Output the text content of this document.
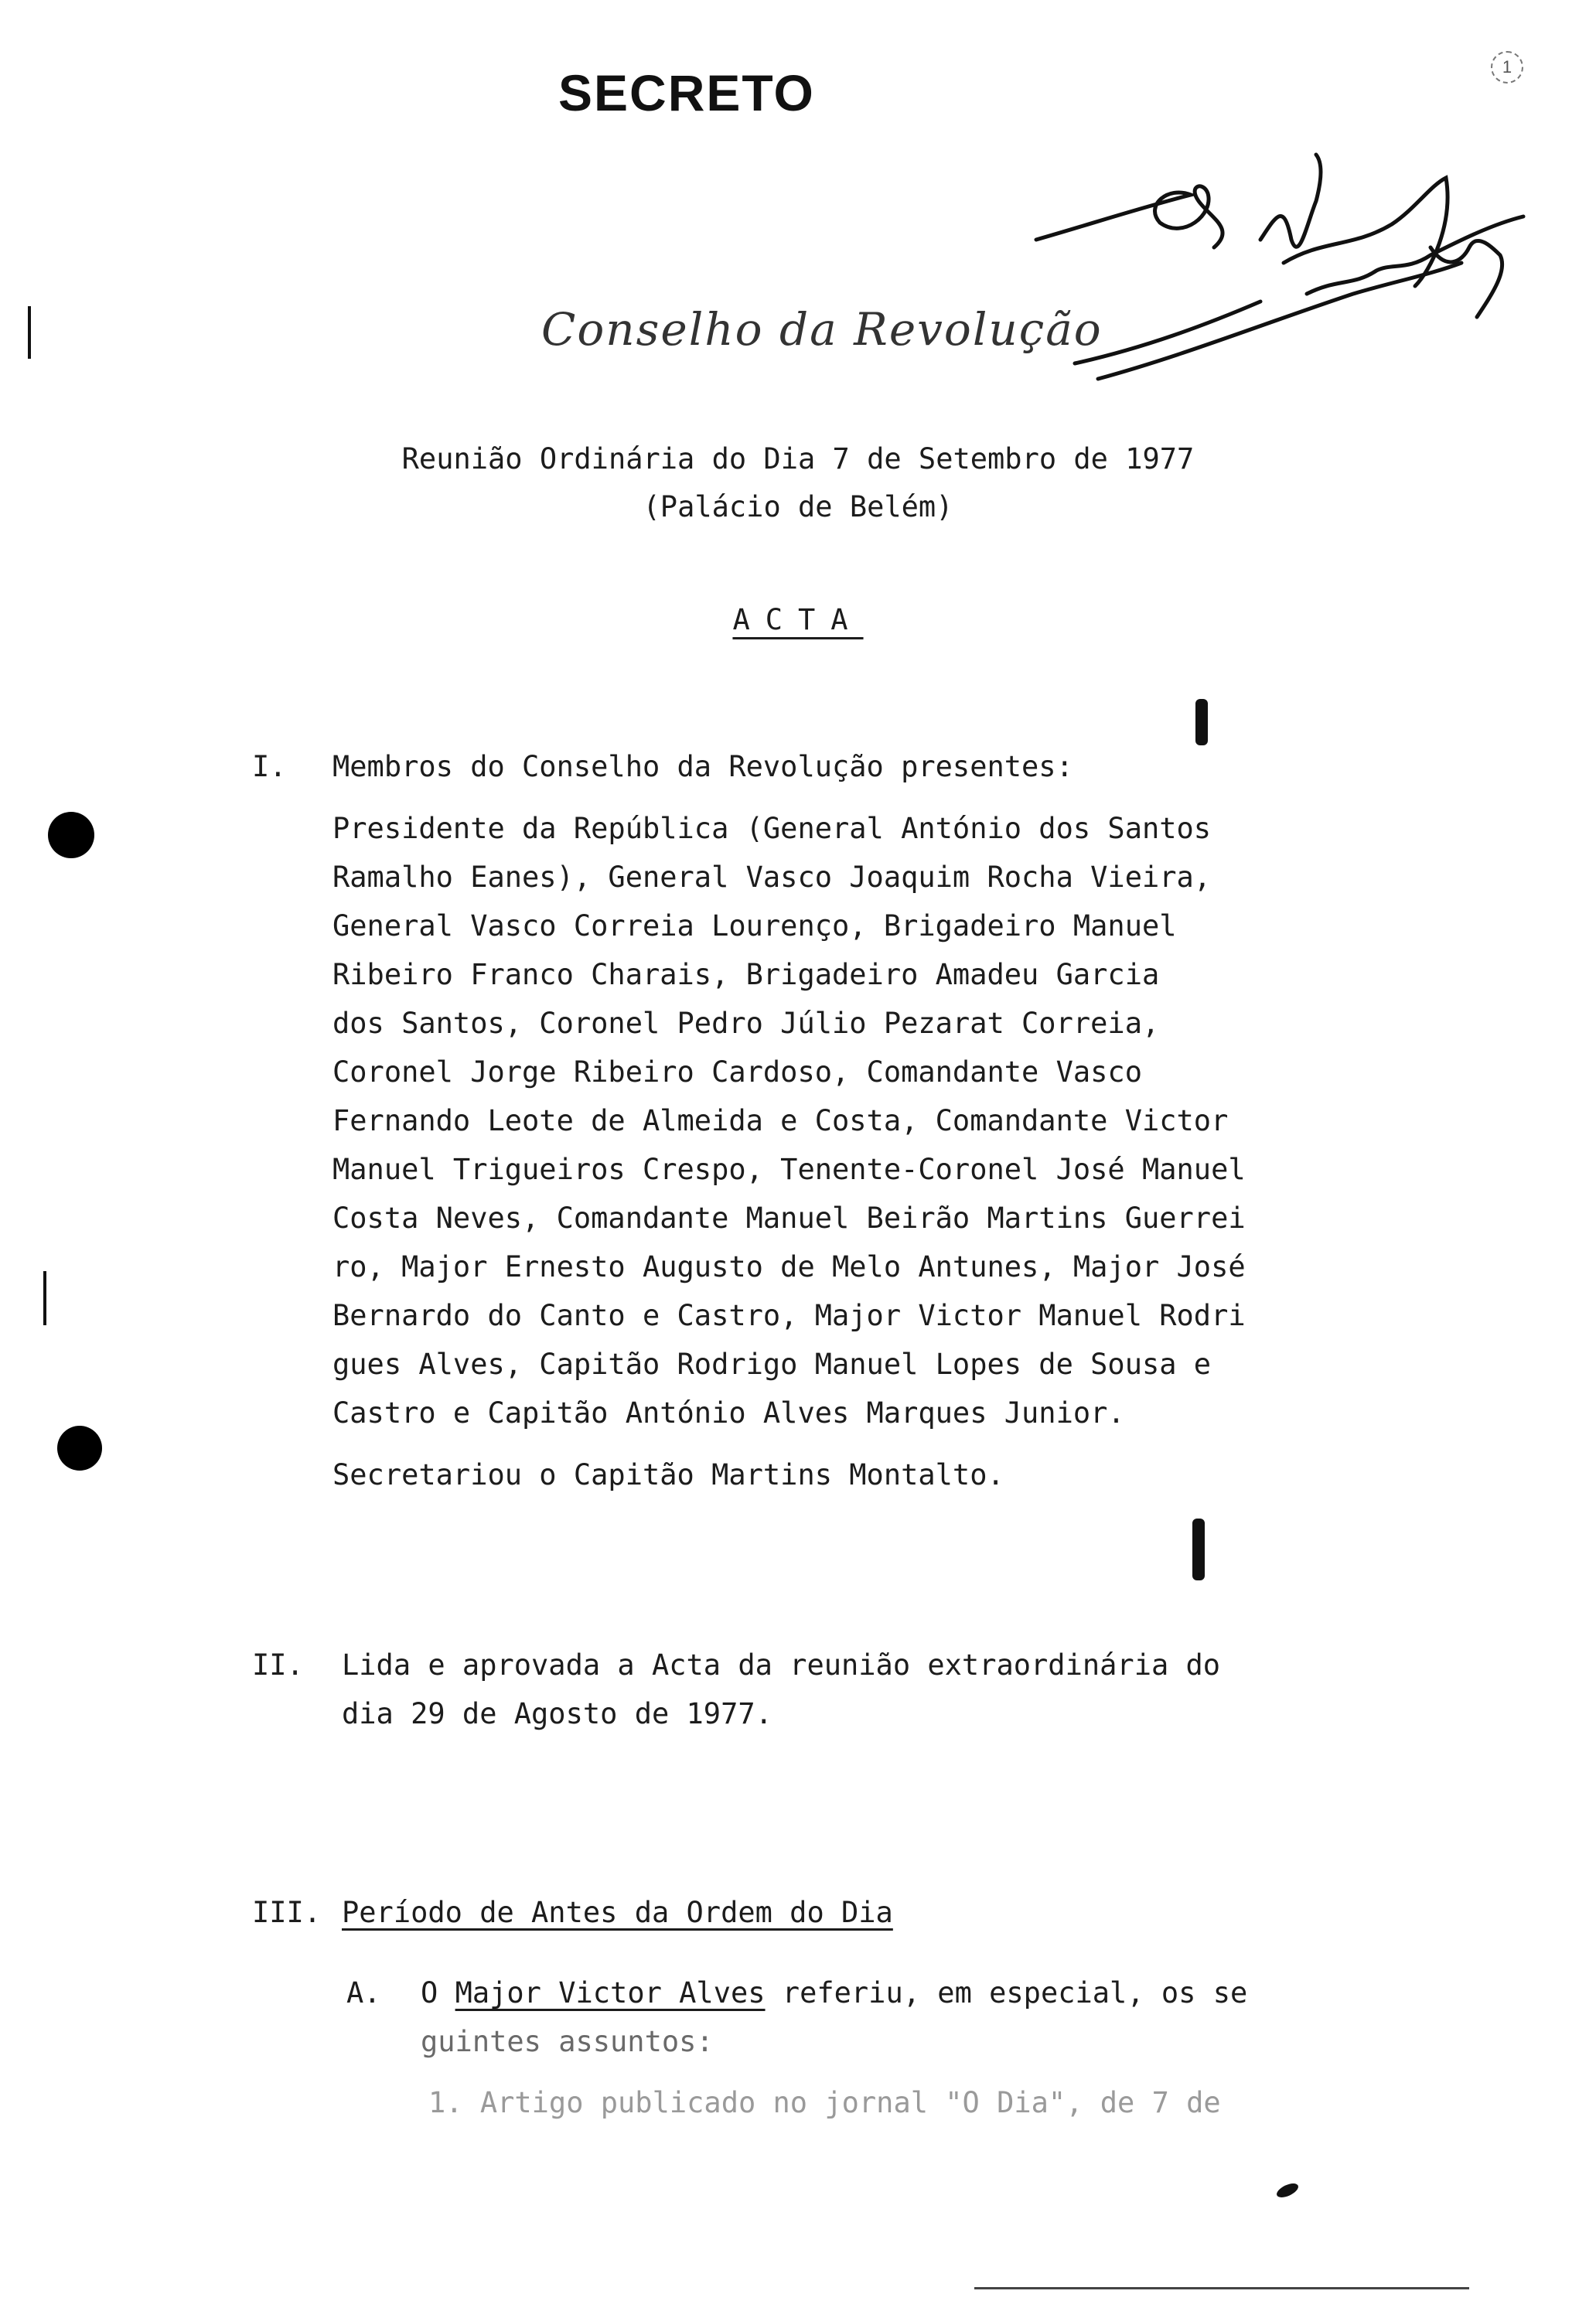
SECRETO	1
Conselho da Revolução
Reunião Ordinária do Dia 7 de Setembro de 1977
(Palácio de Belém)
ACTA
I. Membros do Conselho da Revolução presentes:
Presidente da República (General António dos Santos
Ramalho Eanes), General Vasco Joaquim Rocha Vieira,
General Vasco Correia Lourenço, Brigadeiro Manuel
Ribeiro Franco Charais, Brigadeiro Amadeu Garcia
dos Santos, Coronel Pedro Júlio Pezarat Correia,
Coronel Jorge Ribeiro Cardoso, Comandante Vasco
Fernando Leote de Almeida e Costa, Comandante Victor
Manuel Trigueiros Crespo, Tenente-Coronel José Manuel
Costa Neves, Comandante Manuel Beirão Martins Guerrei
ro, Major Ernesto Augusto de Melo Antunes, Major José
Bernardo do Canto e Castro, Major Victor Manuel Rodri
gues Alves, Capitão Rodrigo Manuel Lopes de Sousa e
Castro e Capitão António Alves Marques Junior.
Secretariou o Capitão Martins Montalto.
II. Lida e aprovada a Acta da reunião extraordinária do
dia 29 de Agosto de 1977.
III. Período de Antes da Ordem do Dia
A. O Major Victor Alves referiu, em especial, os se
guintes assuntos:
1. Artigo publicado no jornal "O Dia", de 7 de
